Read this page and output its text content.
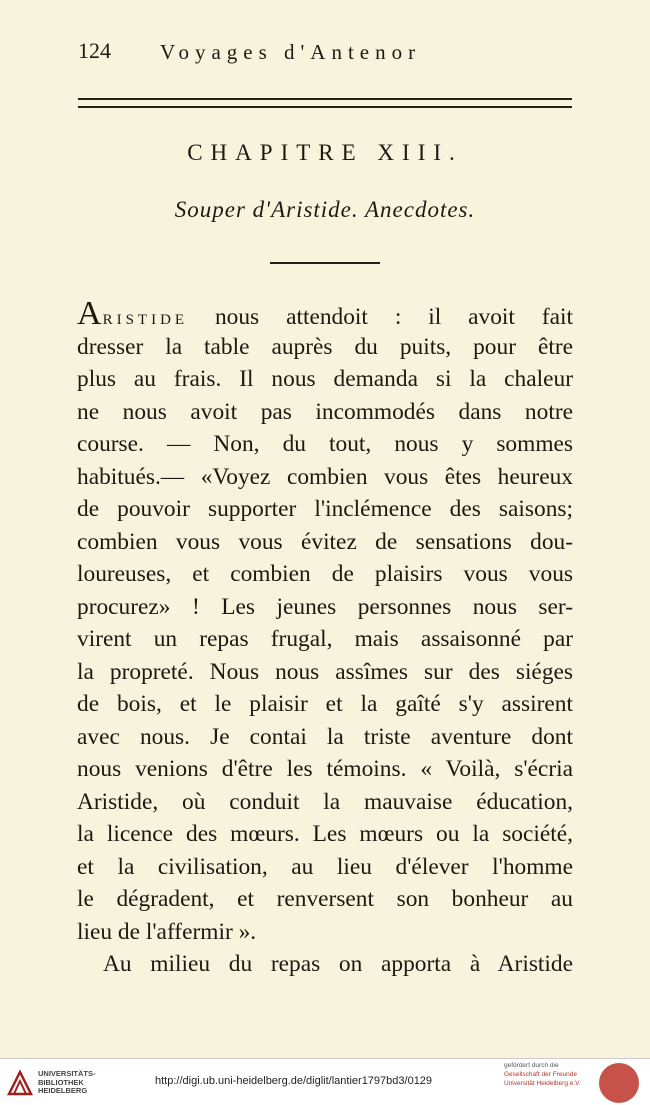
124 Voyages d'Antenor
CHAPITRE XIII.
Souper d'Aristide. Anecdotes.
ARISTIDE nous attendoit : il avoit fait
dresser la table auprès du puits, pour être
plus au frais. Il nous demanda si la chaleur
ne nous avoit pas incommodés dans notre
course. — Non, du tout, nous y sommes
habitués.— «Voyez combien vous êtes heureux
de pouvoir supporter l'inclémence des saisons;
combien vous vous évitez de sensations dou-
loureuses, et combien de plaisirs vous vous
procurez» ! Les jeunes personnes nous ser-
virent un repas frugal, mais assaisonné par
la propreté. Nous nous assîmes sur des siéges
de bois, et le plaisir et la gaîté s'y assirent
avec nous. Je contai la triste aventure dont
nous venions d'être les témoins. « Voilà, s'écria
Aristide, où conduit la mauvaise éducation,
la licence des mœurs. Les mœurs ou la société,
et la civilisation, au lieu d'élever l'homme
le dégradent, et renversent son bonheur au
lieu de l'affermir ».
Au milieu du repas on apporta à Aristide
UNIVERSITÄTS-
BIBLIOTHEK
HEIDELBERG
http://digi.ub.uni-heidelberg.de/diglit/lantier1797bd3/0129
gefördert durch die
Gesellschaft der Freunde
Universität Heidelberg e.V.
